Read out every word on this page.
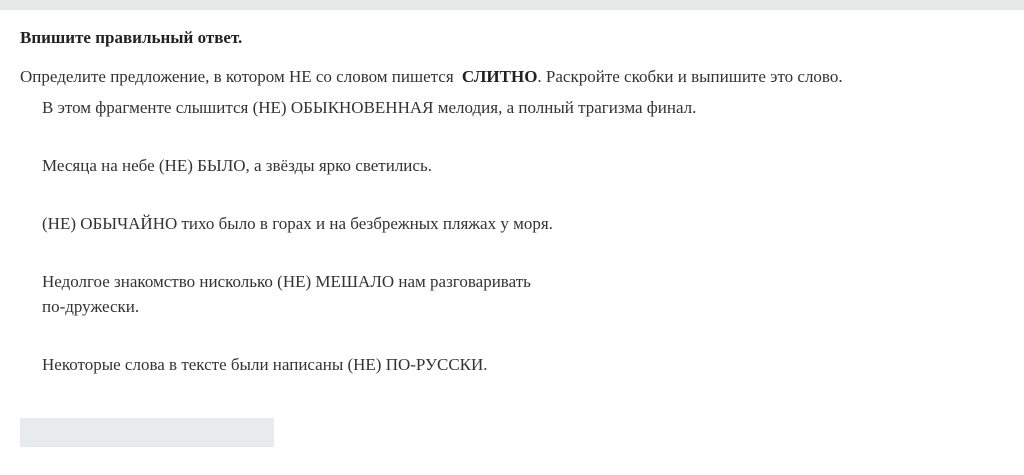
Впишите правильный ответ.
Определите предложение, в котором НЕ со словом пишется СЛИТНО. Раскройте скобки и выпишите это слово.
В этом фрагменте слышится (НЕ) ОБЫКНОВЕННАЯ мелодия, а полный трагизма финал.
Месяца на небе (НЕ) БЫЛО, а звёзды ярко светились.
(НЕ) ОБЫЧАЙНО тихо было в горах и на безбрежных пляжах у моря.
Недолгое знакомство нисколько (НЕ) МЕШАЛО нам разговаривать
по-дружески.
Некоторые слова в тексте были написаны (НЕ) ПО-РУССКИ.
